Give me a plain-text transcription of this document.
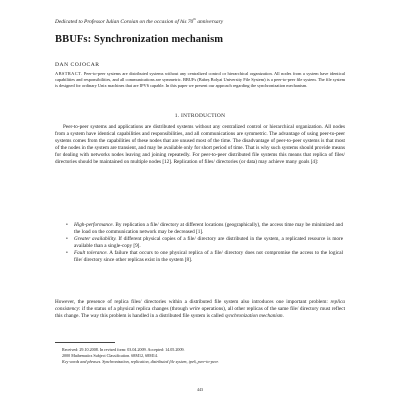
Dedicated to Professor Iulian Coroian on the occasion of his 70th anniversary
BBUFs: Synchronization mechanism
DAN COJOCAR
ABSTRACT. Peer-to-peer systems are distributed systems without any centralized control or hierarchical organization. All nodes from a system have identical capabilities and responsibilities, and all communications are symmetric. BBUFs (Babeș Bolyai University File System) is a peer-to-peer file system. The file system is designed for ordinary Unix machines that are IPV6 capable. In this paper we present our approach regarding the synchronization mechanism.
1. INTRODUCTION
Peer-to-peer systems and applications are distributed systems without any centralized control or hierarchical organization. All nodes from a system have identical capabilities and responsibilities, and all communications are symmetric. The advantage of using peer-to-peer systems comes from the capabilities of these nodes that are unused most of the time. The disadvantage of peer-to-peer systems is that most of the nodes in the system are transient, and may be available only for short period of time. That is why such systems should provide means for dealing with networks nodes leaving and joining repeatedly. For peer-to-peer distributed file systems this means that replica of files/ directories should be maintained on multiple nodes [12]. Replication of files/ directories (or data) may achieve many goals [4]:
• High-performance. By replication a file/ directory at different locations (geographically), the access time may be minimized and the load on the communication network may be decreased [1].
• Greater availability. If different physical copies of a file/ directory are distributed in the system, a replicated resource is more available than a single-copy [9].
• Fault tolerance. A failure that occurs to one physical replica of a file/ directory does not compromise the access to the logical file/ directory since other replicas exist in the system [8].
However, the presence of replica files/ directories within a distributed file system also introduces one important problem: replica consistency: if the status of a physical replica changes (through write operations), all other replicas of the same file/ directory must reflect this change. The way this problem is handled in a distributed file system is called synchronization mechanism.
Received: 29.10.2008. In revised form: 03.04.2009. Accepted: 14.05.2009.
2000 Mathematics Subject Classification. 68M12, 68M14.
Key words and phrases. Synchronization, replication, distributed file system, ipv6, peer-to-peer.
443
